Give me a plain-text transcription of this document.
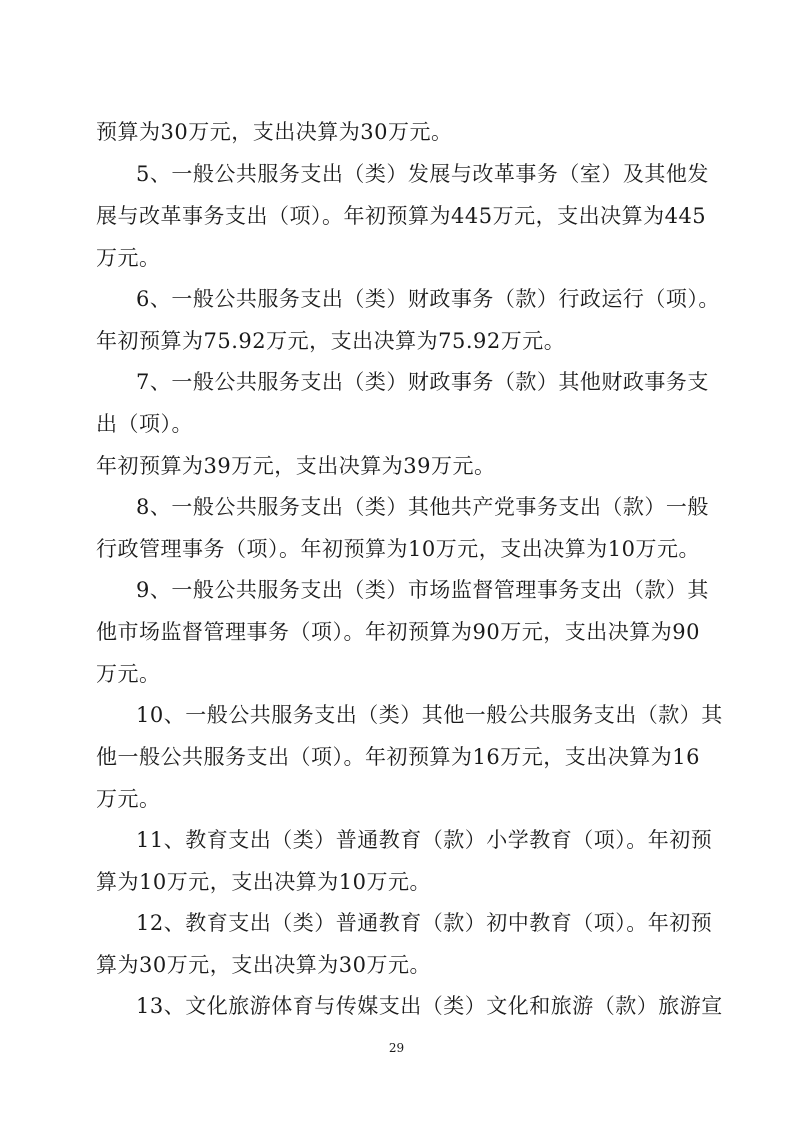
预算为30万元，支出决算为30万元。
5、一般公共服务支出（类）发展与改革事务（室）及其他发
展与改革事务支出（项）。年初预算为445万元，支出决算为445
万元。
6、一般公共服务支出（类）财政事务（款）行政运行（项）。
年初预算为75.92万元，支出决算为75.92万元。
7、一般公共服务支出（类）财政事务（款）其他财政事务支
出（项）。
年初预算为39万元，支出决算为39万元。
8、一般公共服务支出（类）其他共产党事务支出（款）一般
行政管理事务（项）。年初预算为10万元，支出决算为10万元。
9、一般公共服务支出（类）市场监督管理事务支出（款）其
他市场监督管理事务（项）。年初预算为90万元，支出决算为90
万元。
10、一般公共服务支出（类）其他一般公共服务支出（款）其
他一般公共服务支出（项）。年初预算为16万元，支出决算为16
万元。
11、教育支出（类）普通教育（款）小学教育（项）。年初预
算为10万元，支出决算为10万元。
12、教育支出（类）普通教育（款）初中教育（项）。年初预
算为30万元，支出决算为30万元。
13、文化旅游体育与传媒支出（类）文化和旅游（款）旅游宣
29
